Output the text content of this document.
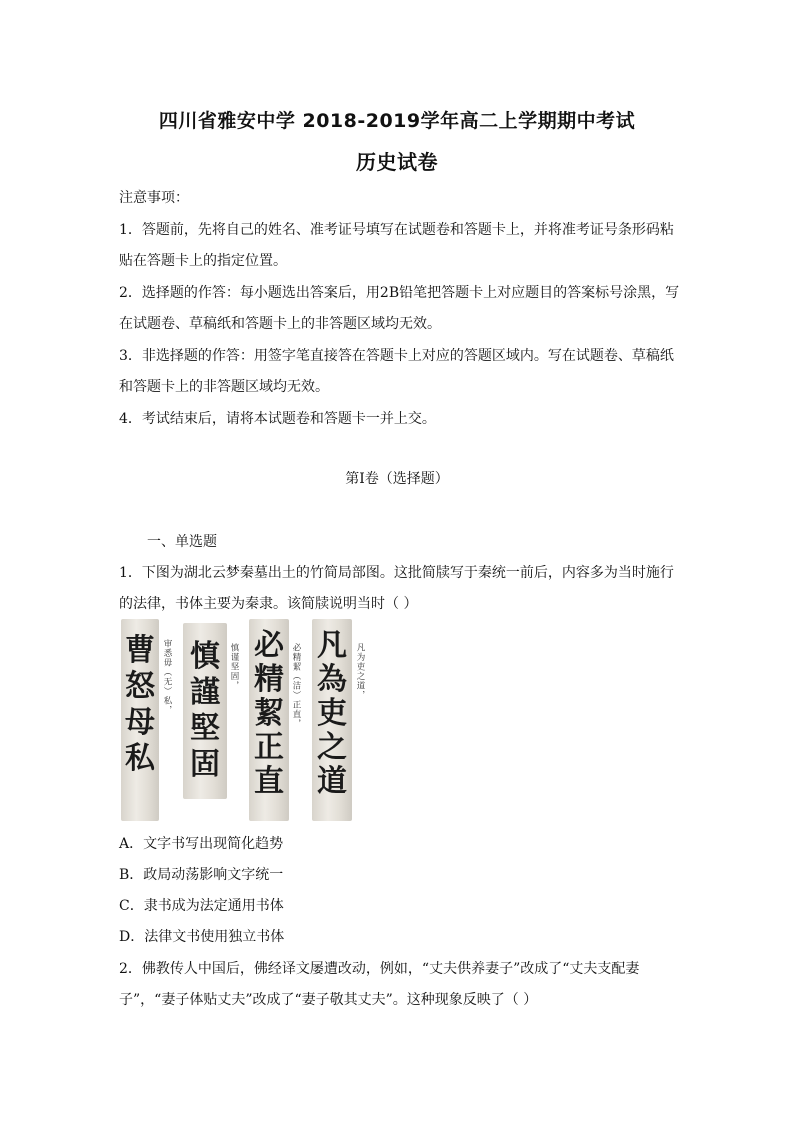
四川省雅安中学 2018-2019学年高二上学期期中考试
历史试卷
注意事项：
1．答题前，先将自己的姓名、准考证号填写在试题卷和答题卡上，并将准考证号条形码粘
贴在答题卡上的指定位置。
2．选择题的作答：每小题选出答案后，用2B铅笔把答题卡上对应题目的答案标号涂黑，写
在试题卷、草稿纸和答题卡上的非答题区域均无效。
3．非选择题的作答：用签字笔直接答在答题卡上对应的答题区域内。写在试题卷、草稿纸
和答题卡上的非答题区域均无效。
4．考试结束后，请将本试题卷和答题卡一并上交。
第I卷（选择题）
一、单选题
1．下图为湖北云梦秦墓出土的竹简局部图。这批简牍写于秦统一前后，内容多为当时施行
的法律，书体主要为秦隶。该简牍说明当时（ ）
曹
怒
母
私
审悉毋（无）私， 慎
謹
堅
固
慎谨坚固， 必
精
絜
正
直
必精絜（洁）正直， 凡
為
吏
之
道
凡为吏之道，
A．文字书写出现简化趋势
B．政局动荡影响文字统一
C．隶书成为法定通用书体
D．法律文书使用独立书体
2．佛教传人中国后，佛经译文屡遭改动，例如，“丈夫供养妻子”改成了“丈夫支配妻
子”，“妻子体贴丈夫”改成了“妻子敬其丈夫”。这种现象反映了（ ）
